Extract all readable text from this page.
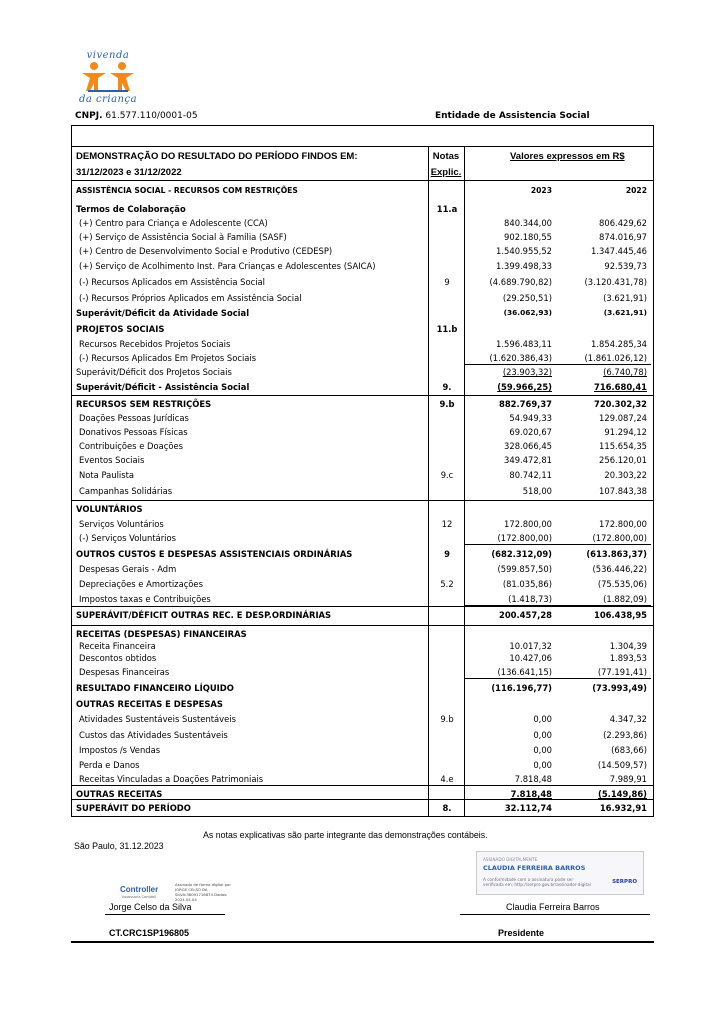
vivenda
da criança
CNPJ. 61.577.110/0001-05	Entidade de Assistencia Social
DEMONSTRAÇÃO DO RESULTADO DO PERÍODO FINDOS EM:	Notas	Valores expressos em R$
31/12/2023 e 31/12/2022	Explic.
ASSISTÊNCIA SOCIAL - RECURSOS COM RESTRIÇÕES	2023	2022
Termos de Colaboração	11.a
(+) Centro para Criança e Adolescente (CCA)	840.344,00	806.429,62
(+) Serviço de Assistência Social à Família (SASF)	902.180,55	874.016,97
(+) Centro de Desenvolvimento Social e Produtivo (CEDESP)	1.540.955,52	1.347.445,46
(+) Serviço de Acolhimento Inst. Para Crianças e Adolescentes (SAICA)	1.399.498,33	92.539,73
(-) Recursos Aplicados em Assistência Social	9	(4.689.790,82)	(3.120.431,78)
(-) Recursos Próprios Aplicados em Assistência Social	(29.250,51)	(3.621,91)
Superávit/Déficit da Atividade Social	(36.062,93)	(3.621,91)
PROJETOS SOCIAIS	11.b
Recursos Recebidos Projetos Sociais	1.596.483,11	1.854.285,34
(-) Recursos Aplicados Em Projetos Sociais	(1.620.386,43)	(1.861.026,12)
Superávit/Déficit dos ProJetos Sociais	(23.903,32)	(6.740,78)
Superávit/Déficit - Assistência Social	9.	(59.966,25)	716.680,41
RECURSOS SEM RESTRIÇÕES	9.b	882.769,37	720.302,32
Doações Pessoas Jurídicas	54.949,33	129.087,24
Donativos Pessoas Físicas	69.020,67	91.294,12
Contribuições e Doações	328.066,45	115.654,35
Eventos Sociais	349.472,81	256.120,01
Nota Paulista	9.c	80.742,11	20.303,22
Campanhas Solidárias	518,00	107.843,38
VOLUNTÁRIOS
Serviços Voluntários	12	172.800,00	172.800,00
(-) Serviços Voluntários	(172.800,00)	(172.800,00)
OUTROS CUSTOS E DESPESAS ASSISTENCIAIS ORDINÁRIAS	9	(682.312,09)	(613.863,37)
Despesas Gerais - Adm	(599.857,50)	(536.446,22)
Depreciações e Amortizações	5.2	(81.035,86)	(75.535,06)
Impostos taxas e Contribuições	(1.418,73)	(1.882,09)
SUPERÁVIT/DÉFICIT OUTRAS REC. E DESP.ORDINÁRIAS	200.457,28	106.438,95
RECEITAS (DESPESAS) FINANCEIRAS
Receita Financeira	10.017,32	1.304,39
Descontos obtidos	10.427,06	1.893,53
Despesas Financeiras	(136.641,15)	(77.191,41)
RESULTADO FINANCEIRO LÍQUIDO	(116.196,77)	(73.993,49)
OUTRAS RECEITAS E DESPESAS
Atividades Sustentáveis Sustentáveis	9.b	0,00	4.347,32
Custos das Atividades Sustentáveis	0,00	(2.293,86)
Impostos /s Vendas	0,00	(683,66)
Perda e Danos	0,00	(14.509,57)
Receitas Vinculadas a Doações Patrimoniais	4.e	7.818,48	7.989,91
OUTRAS RECEITAS	7.818,48	(5.149,86)
SUPERÁVIT DO PERÍODO	8.	32.112,74	16.932,91
As notas explicativas são parte integrante das demonstrações contábeis.
São Paulo, 31.12.2023
ASSINADO DIGITALMENTE
CLAUDIA FERREIRA BARROS
A conformidade com a assinatura pode ser verificada em: http://serpro.gov.br/assinador-digital	SERPRO
Controller
Assessoria Contábil
Assinado de forma digital por JORGE CELSO DA SILVA:38091716874 Dados: 2024.04.04
Jorge Celso da Silva	Claudia Ferreira Barros
CT.CRC1SP196805	Presidente
